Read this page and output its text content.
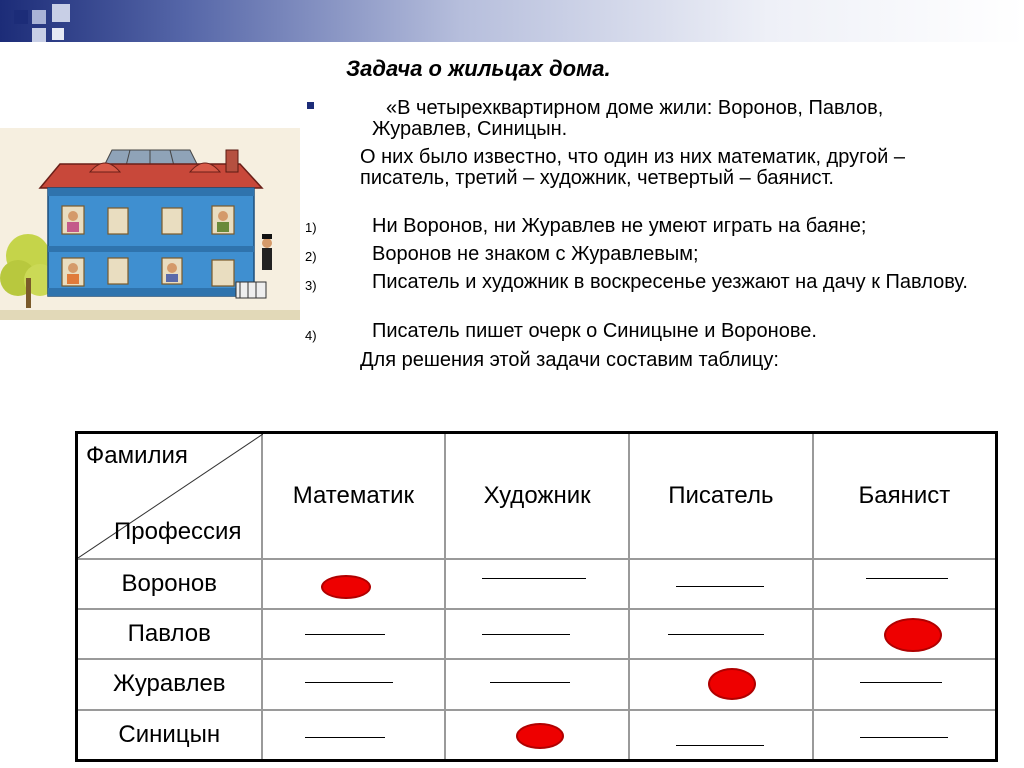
Задача о жильцах дома.
«В четырехквартирном доме жили: Воронов, Павлов, Журавлев, Синицын.
О них было известно, что один из них математик, другой – писатель, третий – художник, четвертый – баянист.
1)	Ни Воронов, ни Журавлев не умеют играть на баяне;
2)	Воронов не знаком с Журавлевым;
3)	Писатель и художник в воскресенье уезжают на дачу к Павлову.
4)	Писатель пишет очерк о Синицыне и Воронове.
Для решения этой задачи составим таблицу:
Фамилия
Профессия	Математик	Художник	Писатель	Баянист
Воронов	

Павлов	

Журавлев	

Синицын	
